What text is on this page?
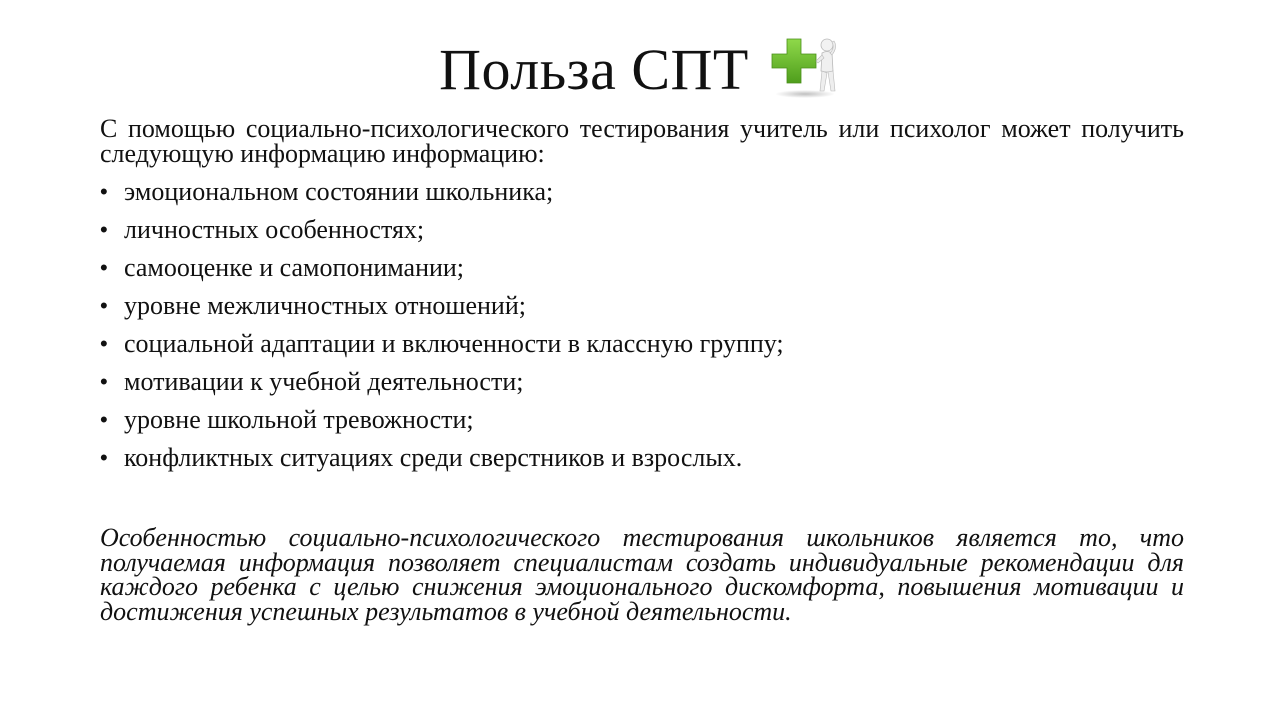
Польза СПТ

С помощью социально-психологического тестирования учитель или психолог может получить следующую информацию информацию:

• эмоциональном состоянии школьника;
• личностных особенностях;
• самооценке и самопонимании;
• уровне межличностных отношений;
• социальной адаптации и включенности в классную группу;
• мотивации к учебной деятельности;
• уровне школьной тревожности;
• конфликтных ситуациях среди сверстников и взрослых.

Особенностью социально-психологического тестирования школьников является то, что получаемая информация позволяет специалистам создать индивидуальные рекомендации для каждого ребенка с целью снижения эмоционального дискомфорта, повышения мотивации и достижения успешных результатов в учебной деятельности.
